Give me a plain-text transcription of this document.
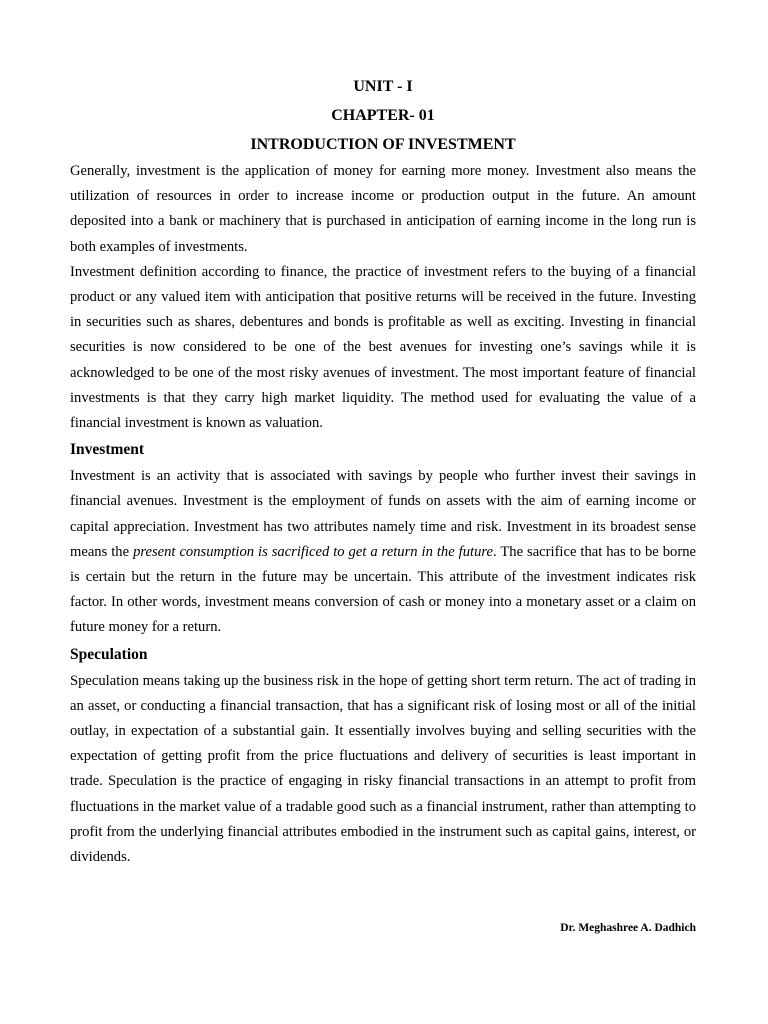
UNIT - I
CHAPTER- 01
INTRODUCTION OF INVESTMENT

Generally, investment is the application of money for earning more money. Investment also means the utilization of resources in order to increase income or production output in the future. An amount deposited into a bank or machinery that is purchased in anticipation of earning income in the long run is both examples of investments.

Investment definition according to finance, the practice of investment refers to the buying of a financial product or any valued item with anticipation that positive returns will be received in the future. Investing in securities such as shares, debentures and bonds is profitable as well as exciting. Investing in financial securities is now considered to be one of the best avenues for investing one’s savings while it is acknowledged to be one of the most risky avenues of investment. The most important feature of financial investments is that they carry high market liquidity. The method used for evaluating the value of a financial investment is known as valuation.

Investment

Investment is an activity that is associated with savings by people who further invest their savings in financial avenues. Investment is the employment of funds on assets with the aim of earning income or capital appreciation. Investment has two attributes namely time and risk. Investment in its broadest sense means the present consumption is sacrificed to get a return in the future. The sacrifice that has to be borne is certain but the return in the future may be uncertain. This attribute of the investment indicates risk factor. In other words, investment means conversion of cash or money into a monetary asset or a claim on future money for a return.

Speculation

Speculation means taking up the business risk in the hope of getting short term return. The act of trading in an asset, or conducting a financial transaction, that has a significant risk of losing most or all of the initial outlay, in expectation of a substantial gain. It essentially involves buying and selling securities with the expectation of getting profit from the price fluctuations and delivery of securities is least important in trade. Speculation is the practice of engaging in risky financial transactions in an attempt to profit from fluctuations in the market value of a tradable good such as a financial instrument, rather than attempting to profit from the underlying financial attributes embodied in the instrument such as capital gains, interest, or dividends.

Dr. Meghashree A. Dadhich
